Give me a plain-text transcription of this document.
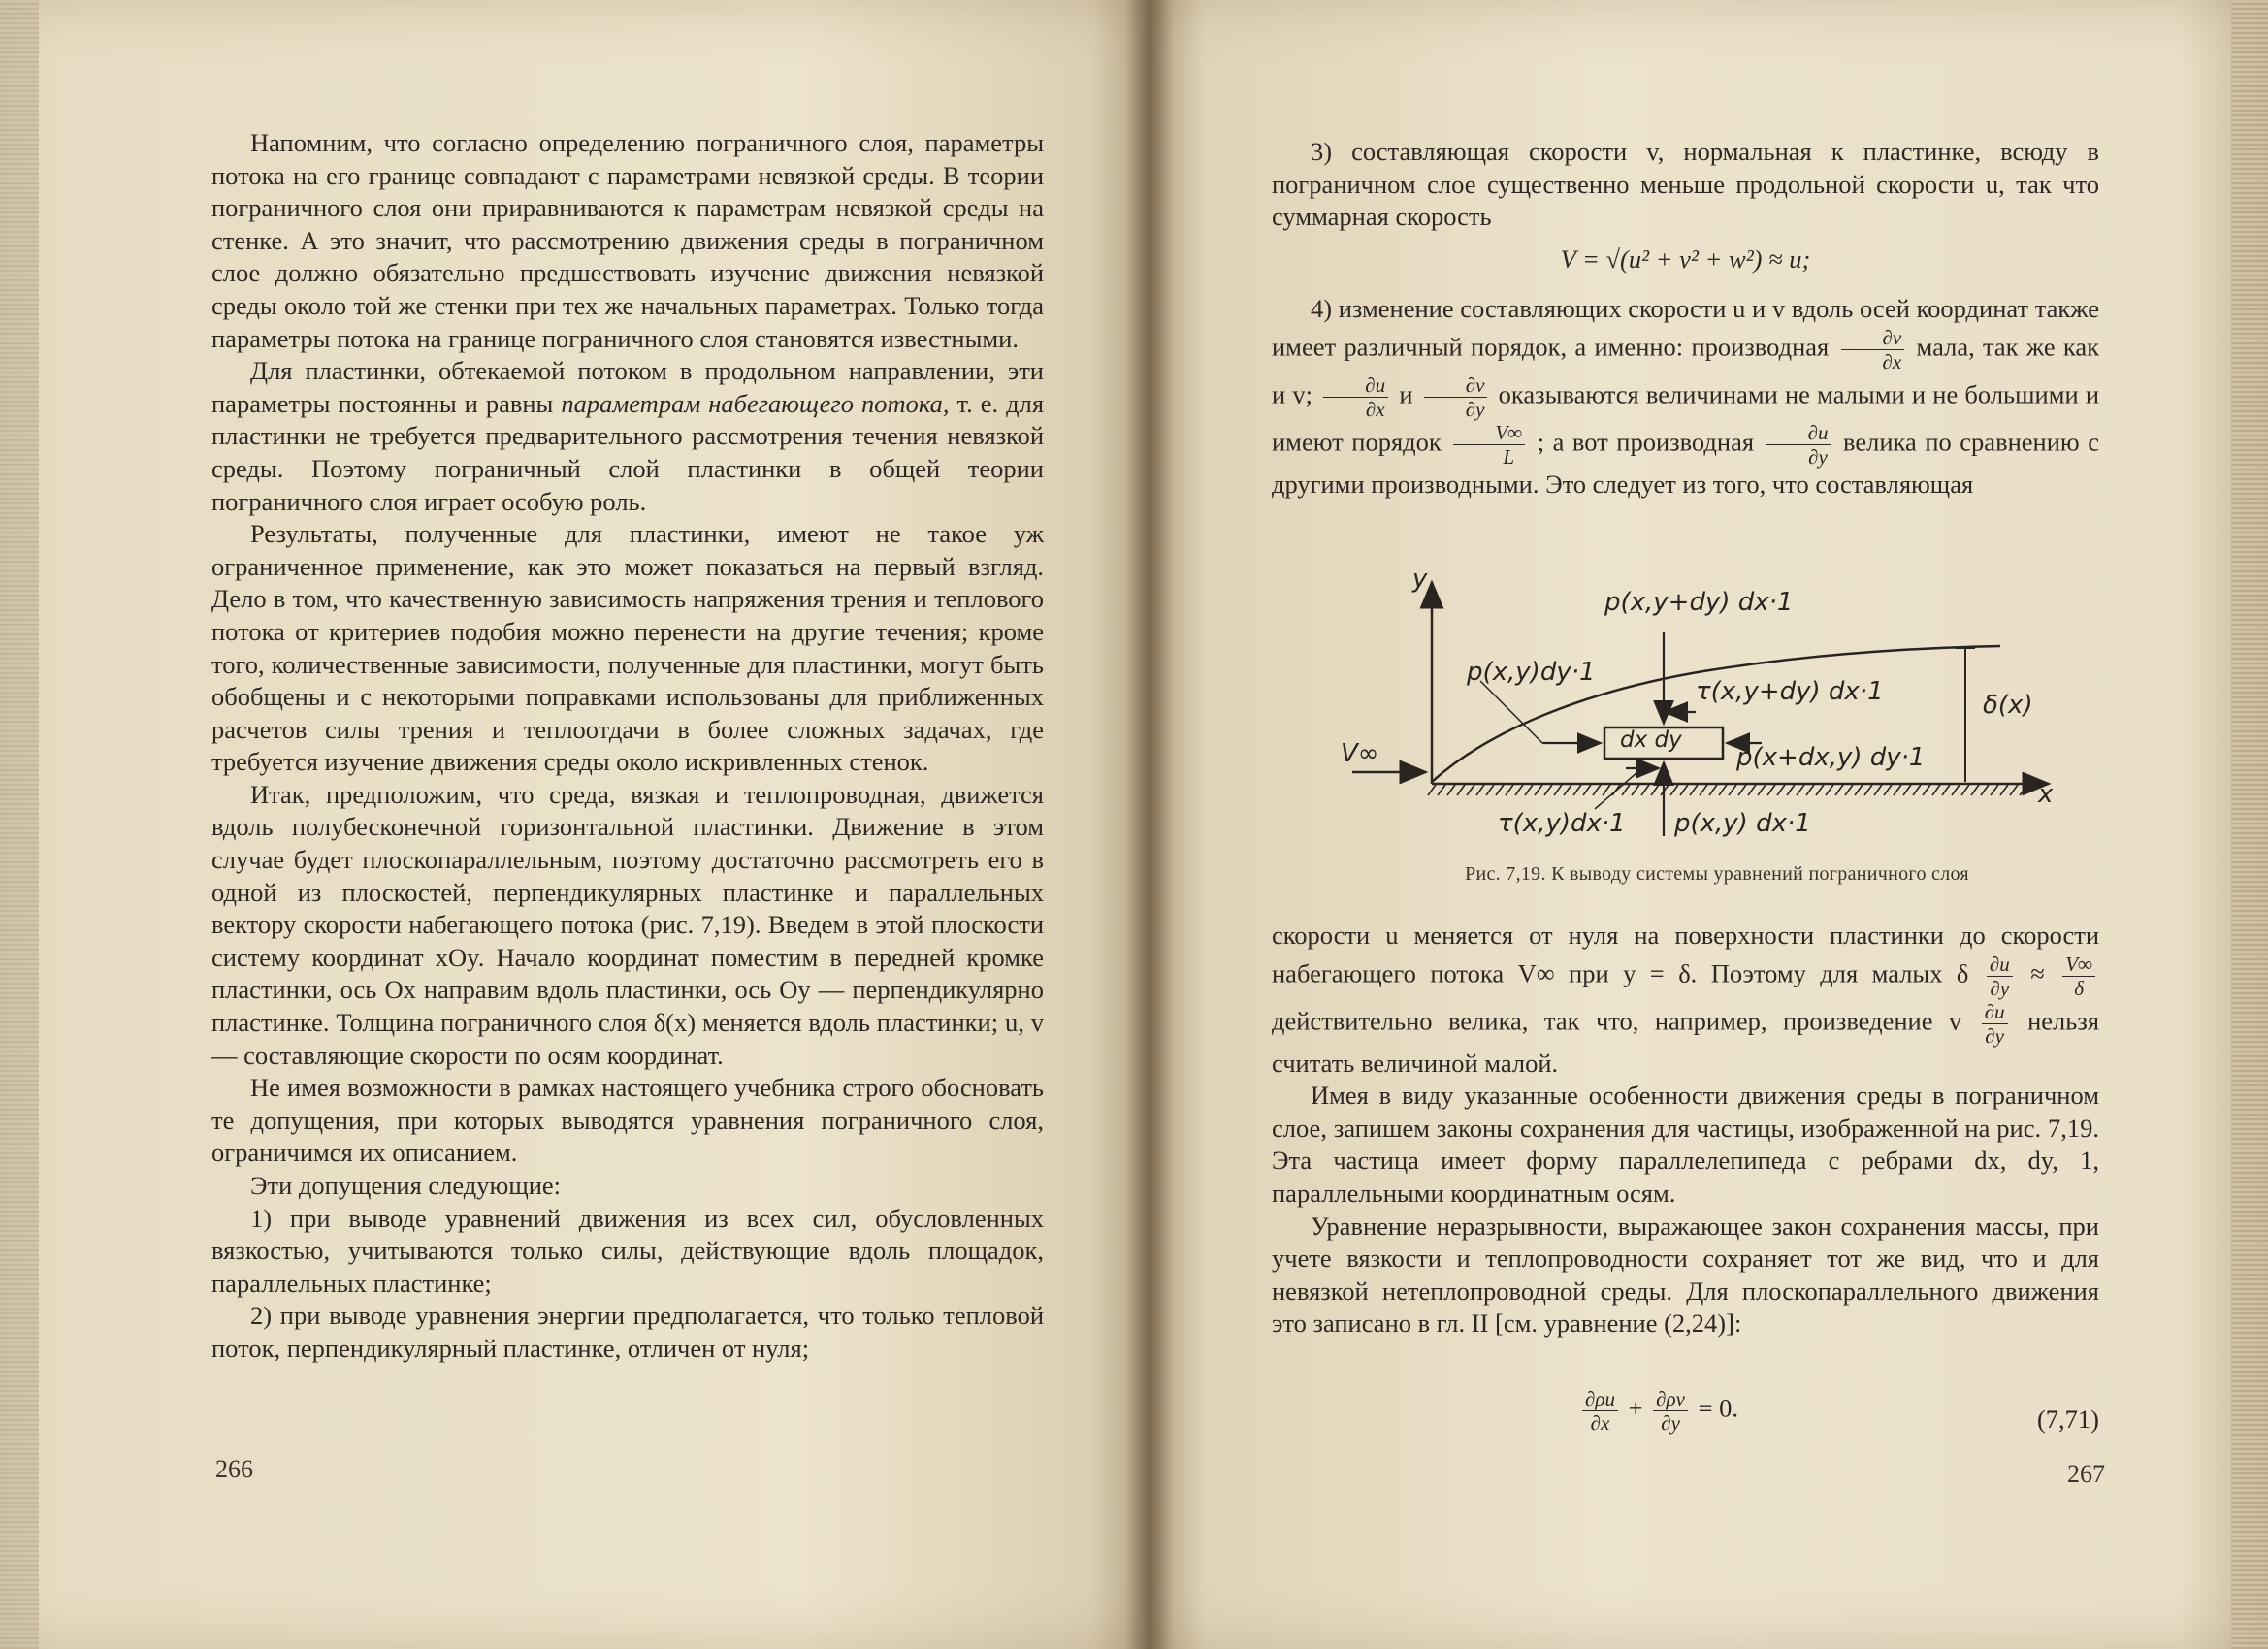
Напомним, что согласно определению пограничного слоя, параметры потока на его границе совпадают с параметрами невязкой среды. В теории пограничного слоя они приравниваются к параметрам невязкой среды на стенке. А это значит, что рассмотрению движения среды в пограничном слое должно обязательно предшествовать изучение движения невязкой среды около той же стенки при тех же начальных параметрах. Только тогда параметры потока на границе пограничного слоя становятся известными.

Для пластинки, обтекаемой потоком в продольном направлении, эти параметры постоянны и равны параметрам набегающего потока, т. е. для пластинки не требуется предварительного рассмотрения течения невязкой среды. Поэтому пограничный слой пластинки в общей теории пограничного слоя играет особую роль.

Результаты, полученные для пластинки, имеют не такое уж ограниченное применение, как это может показаться на первый взгляд. Дело в том, что качественную зависимость напряжения трения и теплового потока от критериев подобия можно перенести на другие течения; кроме того, количественные зависимости, полученные для пластинки, могут быть обобщены и с некоторыми поправками использованы для приближенных расчетов силы трения и теплоотдачи в более сложных задачах, где требуется изучение движения среды около искривленных стенок.

Итак, предположим, что среда, вязкая и теплопроводная, движется вдоль полубесконечной горизонтальной пластинки. Движение в этом случае будет плоскопараллельным, поэтому достаточно рассмотреть его в одной из плоскостей, перпендикулярных пластинке и параллельных вектору скорости набегающего потока (рис. 7,19). Введем в этой плоскости систему координат xOy. Начало координат поместим в передней кромке пластинки, ось Ox направим вдоль пластинки, ось Oy — перпендикулярно пластинке. Толщина пограничного слоя δ(x) меняется вдоль пластинки; u, v — составляющие скорости по осям координат.

Не имея возможности в рамках настоящего учебника строго обосновать те допущения, при которых выводятся уравнения пограничного слоя, ограничимся их описанием.

Эти допущения следующие:

1) при выводе уравнений движения из всех сил, обусловленных вязкостью, учитываются только силы, действующие вдоль площадок, параллельных пластинке;

2) при выводе уравнения энергии предполагается, что только тепловой поток, перпендикулярный пластинке, отличен от нуля;

266

3) составляющая скорости v, нормальная к пластинке, всюду в пограничном слое существенно меньше продольной скорости u, так что суммарная скорость

V = √(u² + v² + w²) ≈ u;

4) изменение составляющих скорости u и v вдоль осей координат также имеет различный порядок, а именно: производная $\frac{\partial v}{\partial x}$ мала, так же как и v; $\frac{\partial u}{\partial x}$ и $\frac{\partial v}{\partial y}$ оказываются величинами не малыми и не большими и имеют порядок $\frac{V\infty}{L}$ ; а вот производная $\frac{\partial u}{\partial y}$ велика по сравнению с другими производными. Это следует из того, что составляющая

y
x
V∞
p(x,y+dy) dx·1
p(x,y)dy·1
τ(x,y+dy) dx·1
dx dy
p(x+dx,y) dy·1
δ(x)
τ(x,y)dx·1 p(x,y) dx·1
Рис. 7,19. К выводу системы уравнений пограничного слоя

скорости u меняется от нуля на поверхности пластинки до скорости набегающего потока V∞ при y = δ. Поэтому для малых δ $\frac{\partial u}{\partial y} \approx \frac{V\infty}{\delta}$
действительно велика, так что, например, произведение v $\frac{\partial u}{\partial y}$ нельзя считать величиной малой.

Имея в виду указанные особенности движения среды в пограничном слое, запишем законы сохранения для частицы, изображенной на рис. 7,19. Эта частица имеет форму параллелепипеда с ребрами dx, dy, 1, параллельными координатным осям.

Уравнение неразрывности, выражающее закон сохранения массы, при учете вязкости и теплопроводности сохраняет тот же вид, что и для невязкой нетеплопроводной среды. Для плоскопараллельного движения это записано в гл. II [см. уравнение (2,24)]:

$\frac{\partial\rho u}{\partial x} + \frac{\partial\rho v}{\partial y} = 0$.	(7,71)
267
